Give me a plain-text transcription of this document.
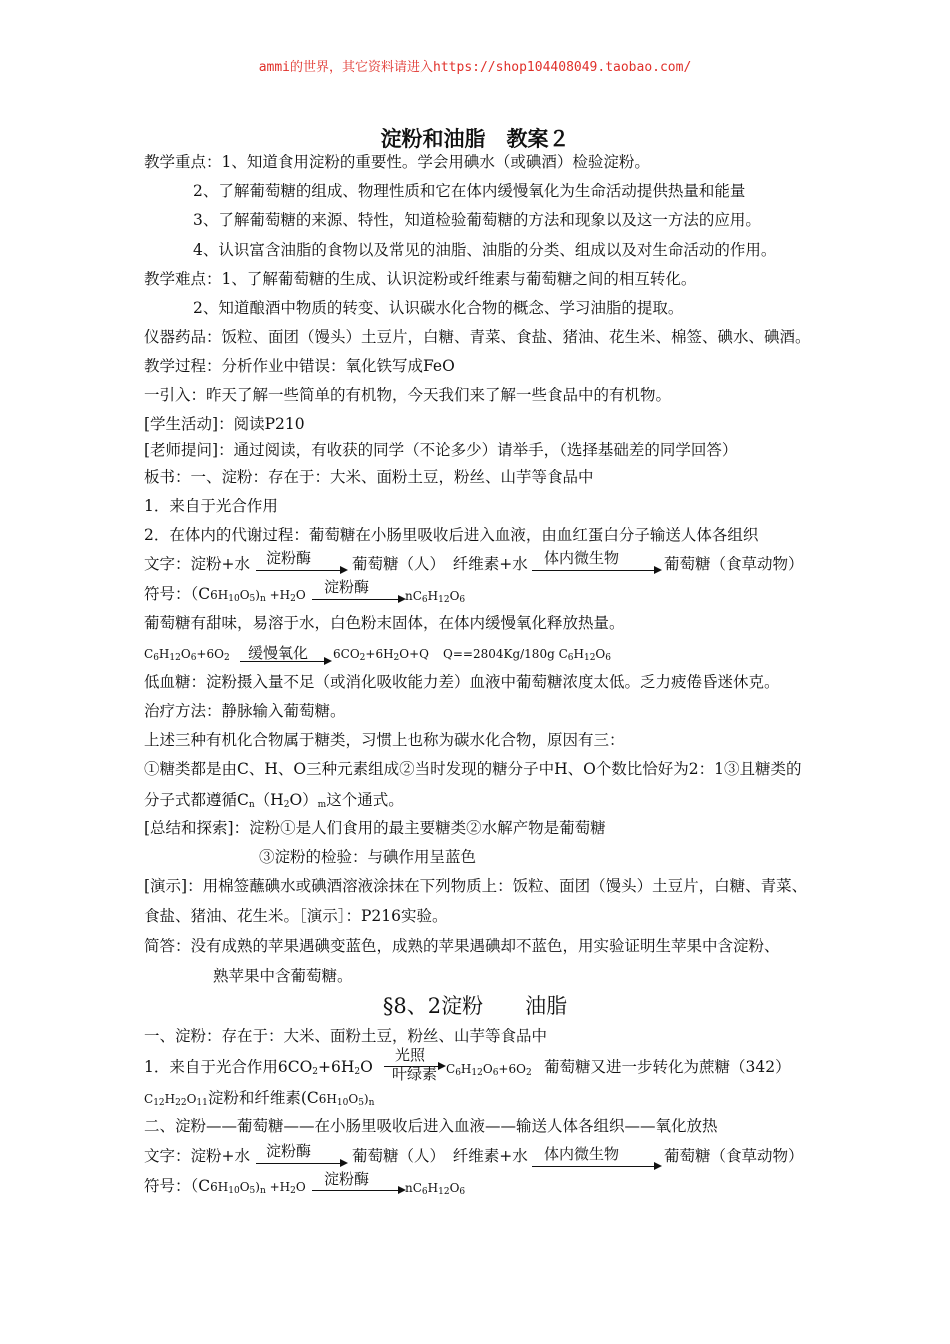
ammi的世界，其它资料请进入https://shop104408049.taobao.com/
淀粉和油脂　教案２
教学重点：1、知道食用淀粉的重要性。学会用碘水（或碘酒）检验淀粉。
2、了解葡萄糖的组成、物理性质和它在体内缓慢氧化为生命活动提供热量和能量
3、了解葡萄糖的来源、特性，知道检验葡萄糖的方法和现象以及这一方法的应用。
4、认识富含油脂的食物以及常见的油脂、油脂的分类、组成以及对生命活动的作用。
教学难点：1、了解葡萄糖的生成、认识淀粉或纤维素与葡萄糖之间的相互转化。
2、知道酿酒中物质的转变、认识碳水化合物的概念、学习油脂的提取。
仪器药品：饭粒、面团（馒头）土豆片，白糖、青菜、食盐、猪油、花生米、棉签、碘水、碘酒。
教学过程：分析作业中错误：氧化铁写成FeO
一引入：昨天了解一些简单的有机物，今天我们来了解一些食品中的有机物。
[学生活动]：阅读P210
[老师提问]：通过阅读，有收获的同学（不论多少）请举手，（选择基础差的同学回答）
板书：一、淀粉：存在于：大米、面粉土豆，粉丝、山芋等食品中
1．来自于光合作用
2．在体内的代谢过程：葡萄糖在小肠里吸收后进入血液，由血红蛋白分子输送人体各组织
文字：淀粉+水 淀粉酶	葡萄糖（人）　纤维素+水 体内微生物	葡萄糖（食草动物）
符号：$(C6H_{10}O_5)_n +H_2O$ 淀粉酶	$nC_6H_{12}O_6$
葡萄糖有甜味，易溶于水，白色粉末固体，在体内缓慢氧化释放热量。
$C_6H_{12}O_6+6O_2$ 缓慢氧化 $6CO_2+6H_2O+Q$ Q==2804Kg/180g $C_6H_{12}O_6$
低血糖：淀粉摄入量不足（或消化吸收能力差）血液中葡萄糖浓度太低。乏力疲倦昏迷休克。
治疗方法：静脉输入葡萄糖。
上述三种有机化合物属于糖类，习惯上也称为碳水化合物，原因有三：
①糖类都是由C、H、O三种元素组成②当时发现的糖分子中H、O个数比恰好为2：1③且糖类的
分子式都遵循$C_n(H_2O)_m$这个通式。
[总结和探索]：淀粉①是人们食用的最主要糖类②水解产物是葡萄糖
③淀粉的检验：与碘作用呈蓝色
[演示]：用棉签蘸碘水或碘酒溶液涂抹在下列物质上：饭粒、面团（馒头）土豆片，白糖、青菜、
食盐、猪油、花生米。［演示］：P216实验。
简答：没有成熟的苹果遇碘变蓝色，成熟的苹果遇碘却不蓝色，用实验证明生苹果中含淀粉、
熟苹果中含葡萄糖。
§8、2淀粉　　油脂
一、淀粉：存在于：大米、面粉土豆，粉丝、山芋等食品中
1．来自于光合作用$6CO_2+6H_2O$
光照
叶绿素 $C_6H_{12}O_6+6O_2$ 葡萄糖又进一步转化为蔗糖（342）
$C_{12}H_{22}O_{11}$淀粉和纤维素$(C6H_{10}O_5)_n$
二、淀粉——葡萄糖——在小肠里吸收后进入血液——输送人体各组织——氧化放热
文字：淀粉+水 淀粉酶	葡萄糖（人）　纤维素+水 体内微生物	葡萄糖（食草动物）
符号：$(C6H_{10}O_5)_n +H_2O$ 淀粉酶	$nC_6H_{12}O_6$
